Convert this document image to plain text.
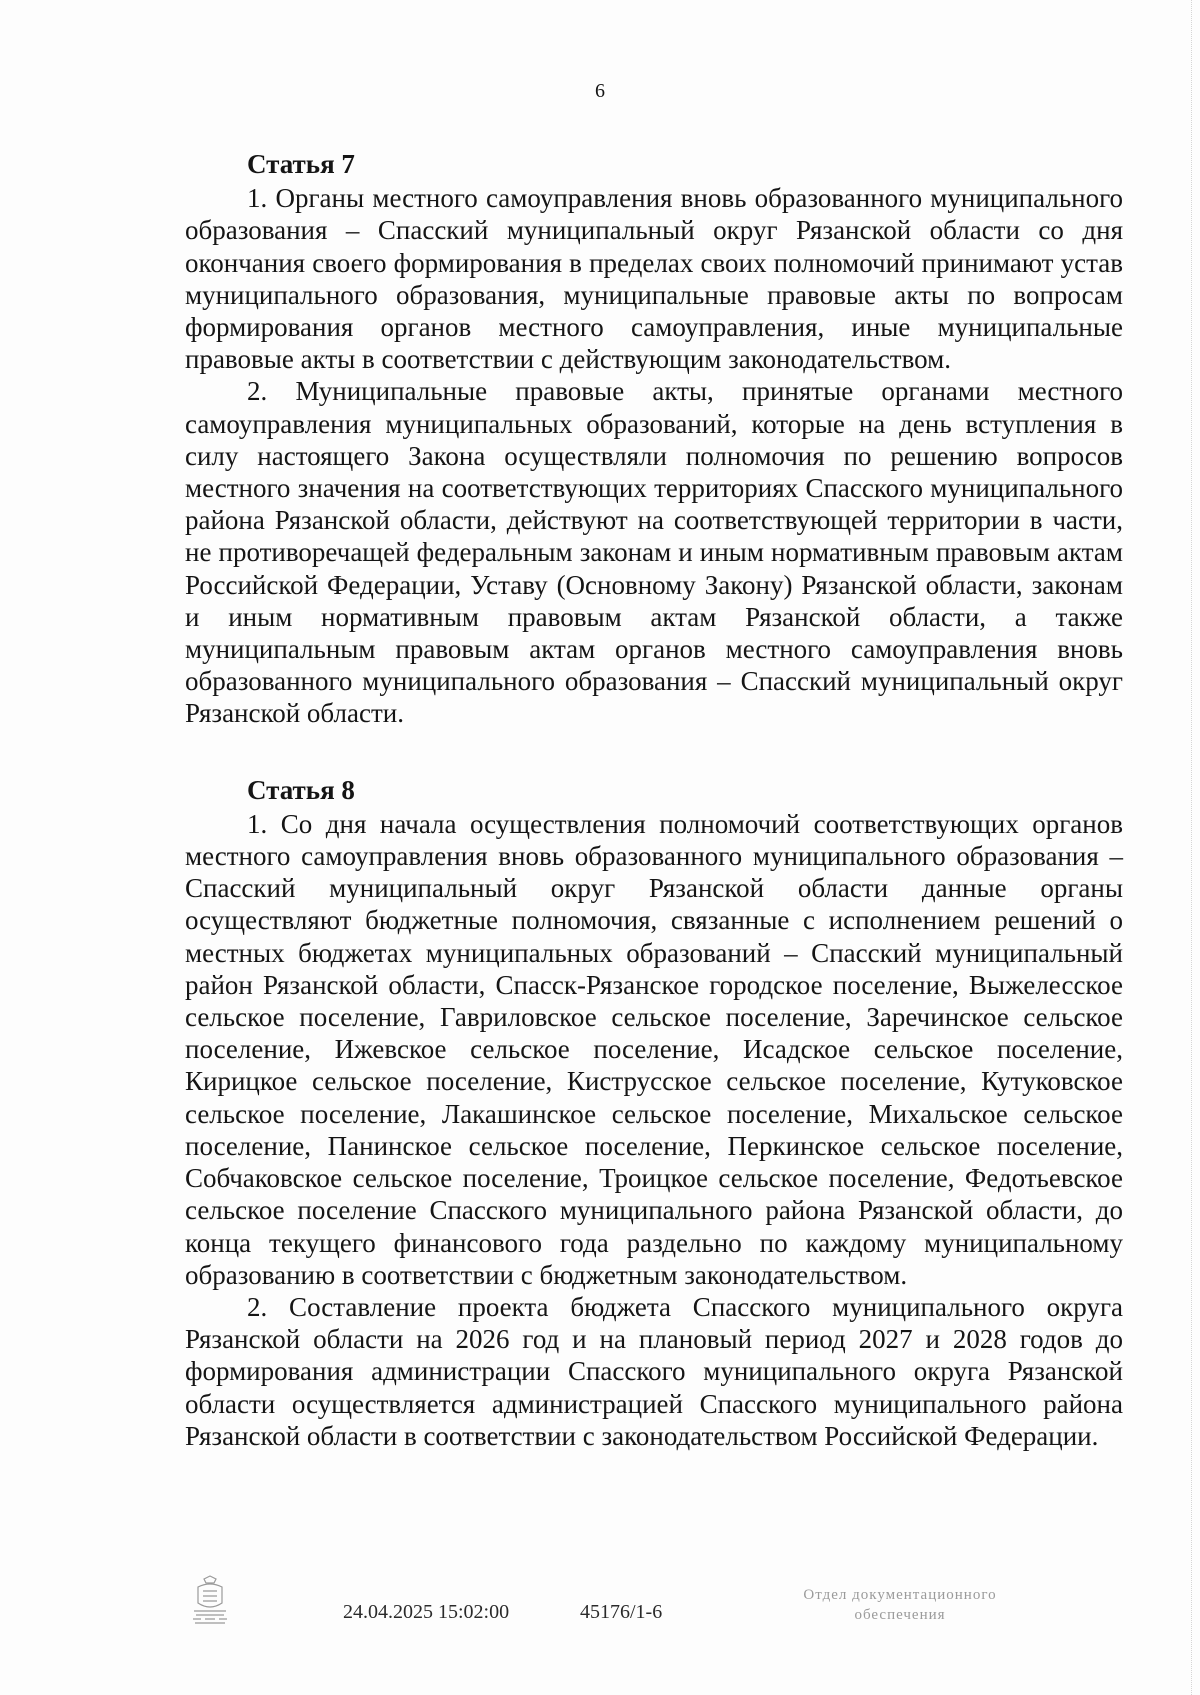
6
Статья 7

1. Органы местного самоуправления вновь образованного муниципального образования – Спасский муниципальный округ Рязанской области со дня окончания своего формирования в пределах своих полномочий принимают устав муниципального образования, муниципальные правовые акты по вопросам формирования органов местного самоуправления, иные муниципальные правовые акты в соответствии с действующим законодательством.

2. Муниципальные правовые акты, принятые органами местного самоуправления муниципальных образований, которые на день вступления в силу настоящего Закона осуществляли полномочия по решению вопросов местного значения на соответствующих территориях Спасского муниципального района Рязанской области, действуют на соответствующей территории в части, не противоречащей федеральным законам и иным нормативным правовым актам Российской Федерации, Уставу (Основному Закону) Рязанской области, законам и иным нормативным правовым актам Рязанской области, а также муниципальным правовым актам органов местного самоуправления вновь образованного муниципального образования – Спасский муниципальный округ Рязанской области.

Статья 8

1. Со дня начала осуществления полномочий соответствующих органов местного самоуправления вновь образованного муниципального образования – Спасский муниципальный округ Рязанской области данные органы осуществляют бюджетные полномочия, связанные с исполнением решений о местных бюджетах муниципальных образований – Спасский муниципальный район Рязанской области, Спасск-Рязанское городское поселение, Выжелесское сельское поселение, Гавриловское сельское поселение, Заречинское сельское поселение, Ижевское сельское поселение, Исадское сельское поселение, Кирицкое сельское поселение, Киструсское сельское поселение, Кутуковское сельское поселение, Лакашинское сельское поселение, Михальское сельское поселение, Панинское сельское поселение, Перкинское сельское поселение, Собчаковское сельское поселение, Троицкое сельское поселение, Федотьевское сельское поселение Спасского муниципального района Рязанской области, до конца текущего финансового года раздельно по каждому муниципальному образованию в соответствии с бюджетным законодательством.

2. Составление проекта бюджета Спасского муниципального округа Рязанской области на 2026 год и на плановый период 2027 и 2028 годов до формирования администрации Спасского муниципального округа Рязанской области осуществляется администрацией Спасского муниципального района Рязанской области в соответствии с законодательством Российской Федерации.

24.04.2025 15:02:00	45176/1-6
Отдел документационного
обеспечения
